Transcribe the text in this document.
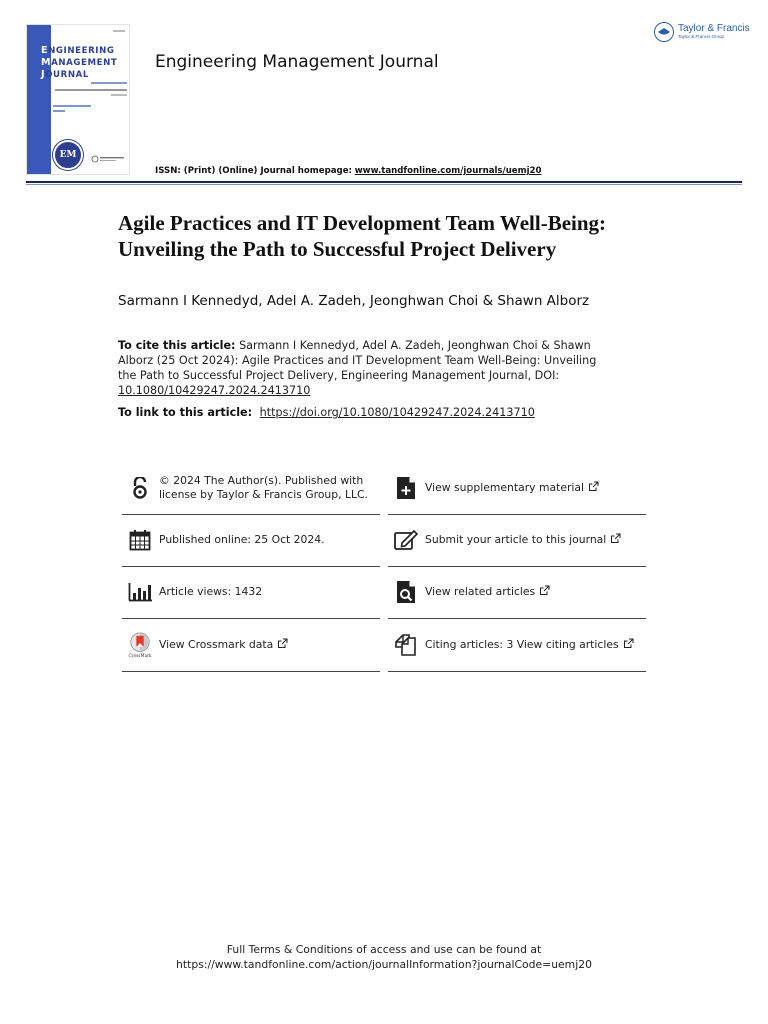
ENGINEERING
MANAGEMENT
JOURNAL
EM
Engineering Management Journal
ISSN: (Print) (Online) Journal homepage: www.tandfonline.com/journals/uemj20
Taylor & Francis
Taylor & Francis Group
Agile Practices and IT Development Team Well-Being: Unveiling the Path to Successful Project Delivery
Sarmann I Kennedyd, Adel A. Zadeh, Jeonghwan Choi & Shawn Alborz
To cite this article: Sarmann I Kennedyd, Adel A. Zadeh, Jeonghwan Choi & Shawn Alborz (25 Oct 2024): Agile Practices and IT Development Team Well-Being: Unveiling the Path to Successful Project Delivery, Engineering Management Journal, DOI: 10.1080/10429247.2024.2413710
To link to this article: https://doi.org/10.1080/10429247.2024.2413710
© 2024 The Author(s). Published with license by Taylor & Francis Group, LLC.
Published online: 25 Oct 2024.
Article views: 1432
CrossMark
View Crossmark data
View supplementary material
Submit your article to this journal
View related articles
Citing articles: 3 View citing articles
Full Terms & Conditions of access and use can be found at
https://www.tandfonline.com/action/journalInformation?journalCode=uemj20
